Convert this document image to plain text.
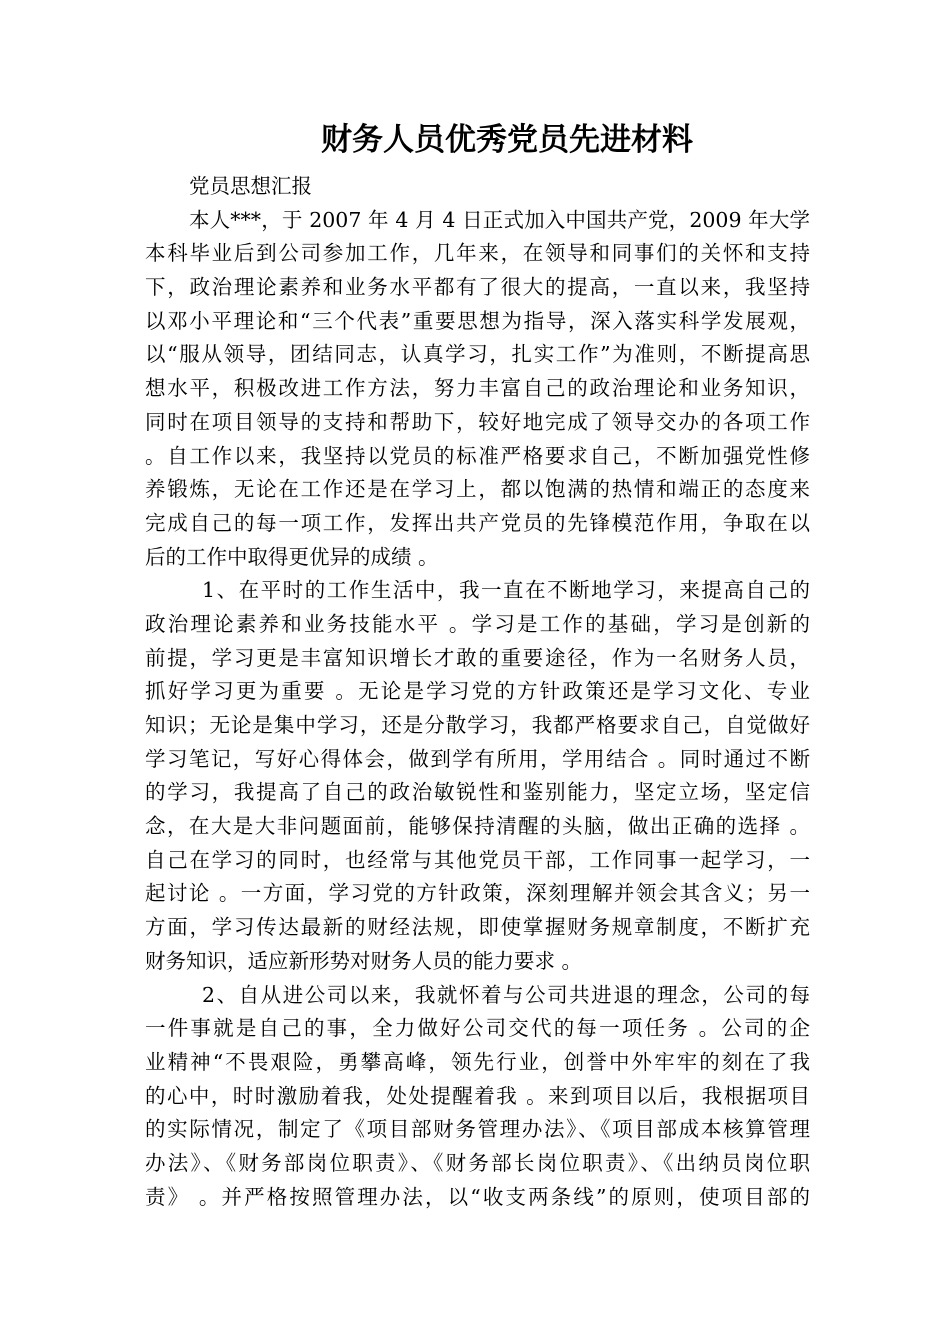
财务人员优秀党员先进材料
党员思想汇报
本人***，于 2007 年 4 月 4 日正式加入中国共产党，2009 年大学
本科毕业后到公司参加工作，几年来，在领导和同事们的关怀和支持
下，政治理论素养和业务水平都有了很大的提高，一直以来，我坚持
以邓小平理论和“三个代表”重要思想为指导，深入落实科学发展观，
以“服从领导，团结同志，认真学习，扎实工作”为准则，不断提高思
想水平，积极改进工作方法，努力丰富自己的政治理论和业务知识，
同时在项目领导的支持和帮助下，较好地完成了领导交办的各项工作
。自工作以来，我坚持以党员的标准严格要求自己，不断加强党性修
养锻炼，无论在工作还是在学习上，都以饱满的热情和端正的态度来
完成自己的每一项工作，发挥出共产党员的先锋模范作用，争取在以
后的工作中取得更优异的成绩 。
1、在平时的工作生活中，我一直在不断地学习，来提高自己的
政治理论素养和业务技能水平 。学习是工作的基础，学习是创新的
前提，学习更是丰富知识增长才敢的重要途径，作为一名财务人员，
抓好学习更为重要 。无论是学习党的方针政策还是学习文化、专业
知识；无论是集中学习，还是分散学习，我都严格要求自己，自觉做好
学习笔记，写好心得体会，做到学有所用，学用结合 。同时通过不断
的学习，我提高了自己的政治敏锐性和鉴别能力，坚定立场，坚定信
念，在大是大非问题面前，能够保持清醒的头脑，做出正确的选择 。
自己在学习的同时，也经常与其他党员干部，工作同事一起学习，一
起讨论 。一方面，学习党的方针政策，深刻理解并领会其含义；另一
方面，学习传达最新的财经法规，即使掌握财务规章制度，不断扩充
财务知识，适应新形势对财务人员的能力要求 。
2、自从进公司以来，我就怀着与公司共进退的理念，公司的每
一件事就是自己的事，全力做好公司交代的每一项任务 。公司的企
业精神“不畏艰险，勇攀高峰，领先行业，创誉中外牢牢的刻在了我
的心中，时时激励着我，处处提醒着我 。来到项目以后，我根据项目
的实际情况，制定了《项目部财务管理办法》、《项目部成本核算管理
办法》、《财务部岗位职责》、《财务部长岗位职责》、《出纳员岗位职
责》 。并严格按照管理办法，以“收支两条线”的原则，使项目部的
